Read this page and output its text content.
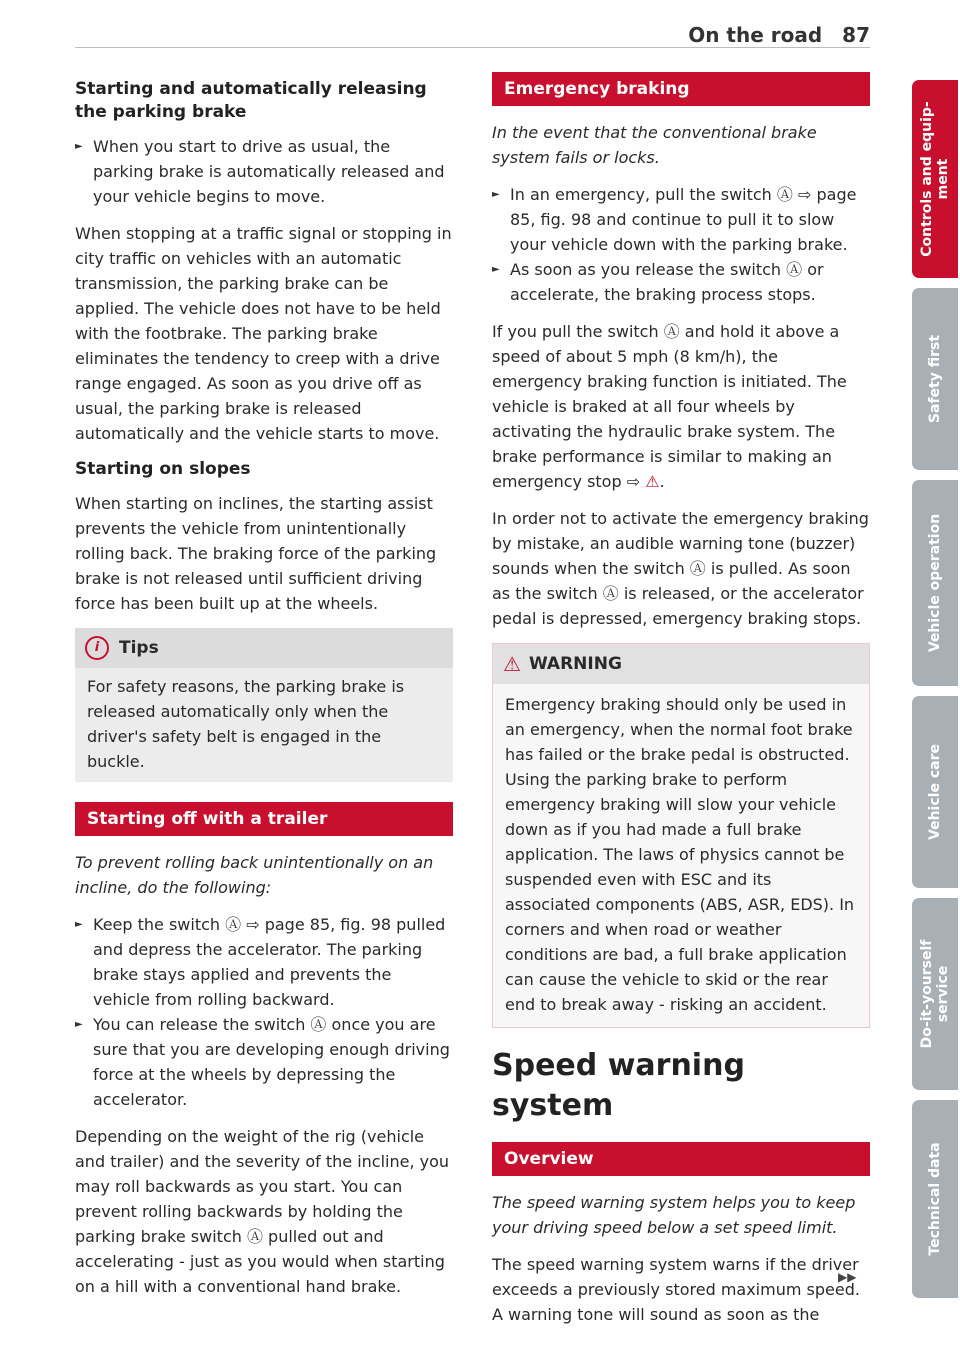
On the road 87
Starting and automatically releasing the parking brake
► When you start to drive as usual, the parking brake is automatically released and your vehicle begins to move.

When stopping at a traffic signal or stopping in city traffic on vehicles with an automatic transmission, the parking brake can be applied. The vehicle does not have to be held with the footbrake. The parking brake eliminates the tendency to creep with a drive range engaged. As soon as you drive off as usual, the parking brake is released automatically and the vehicle starts to move.

Starting on slopes

When starting on inclines, the starting assist prevents the vehicle from unintentionally rolling back. The braking force of the parking brake is not released until sufficient driving force has been built up at the wheels.

i Tips
For safety reasons, the parking brake is released automatically only when the driver's safety belt is engaged in the buckle.
Starting off with a trailer

To prevent rolling back unintentionally on an incline, do the following:

► Keep the switch Ⓐ ⇨ page 85, fig. 98 pulled and depress the accelerator. The parking brake stays applied and prevents the vehicle from rolling backward.
► You can release the switch Ⓐ once you are sure that you are developing enough driving force at the wheels by depressing the accelerator.

Depending on the weight of the rig (vehicle and trailer) and the severity of the incline, you may roll backwards as you start. You can prevent rolling backwards by holding the parking brake switch Ⓐ pulled out and accelerating - just as you would when starting on a hill with a conventional hand brake.

Emergency braking

In the event that the conventional brake system fails or locks.

► In an emergency, pull the switch Ⓐ ⇨ page 85, fig. 98 and continue to pull it to slow your vehicle down with the parking brake.
► As soon as you release the switch Ⓐ or accelerate, the braking process stops.

If you pull the switch Ⓐ and hold it above a speed of about 5 mph (8 km/h), the emergency braking function is initiated. The vehicle is braked at all four wheels by activating the hydraulic brake system. The brake performance is similar to making an emergency stop ⇨ ⚠.

In order not to activate the emergency braking by mistake, an audible warning tone (buzzer) sounds when the switch Ⓐ is pulled. As soon as the switch Ⓐ is released, or the accelerator pedal is depressed, emergency braking stops.

⚠ WARNING
Emergency braking should only be used in an emergency, when the normal foot brake has failed or the brake pedal is obstructed. Using the parking brake to perform emergency braking will slow your vehicle down as if you had made a full brake application. The laws of physics cannot be suspended even with ESC and its associated components (ABS, ASR, EDS). In corners and when road or weather conditions are bad, a full brake application can cause the vehicle to skid or the rear end to break away - risking an accident.
Speed warning system
Overview

The speed warning system helps you to keep your driving speed below a set speed limit.

The speed warning system warns if the driver exceeds a previously stored maximum speed. A warning tone will sound as soon as the

▶▶
Controls and equip- ment
Safety first
Vehicle operation
Vehicle care
Do-it-yourself service
Technical data
